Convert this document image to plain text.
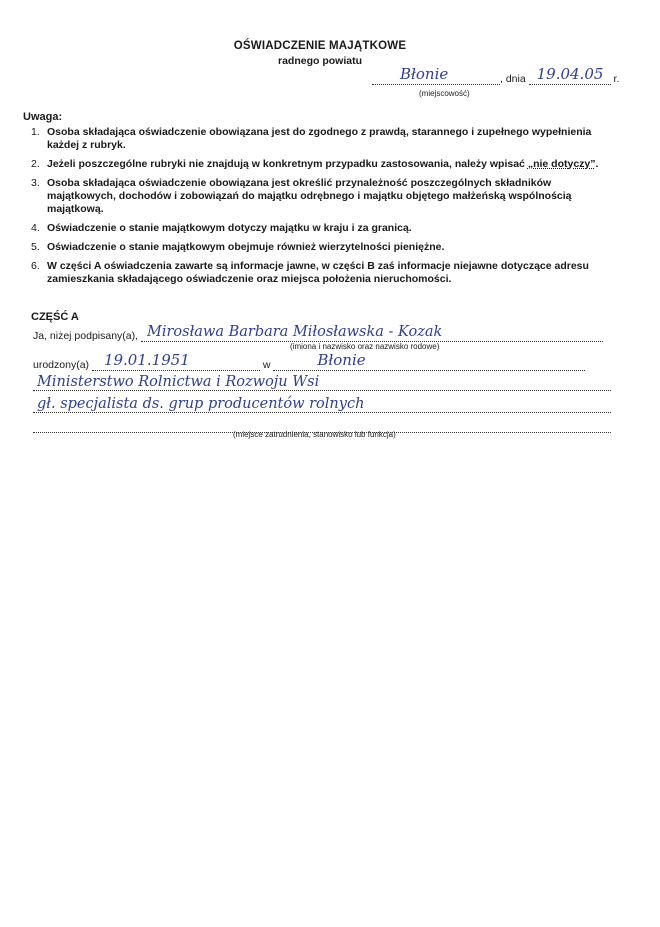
OŚWIADCZENIE MAJĄTKOWE
radnego powiatu
Błonie	, dnia 19.04.05 r.
(miejscowość)
Uwaga:
1. Osoba składająca oświadczenie obowiązana jest do zgodnego z prawdą, starannego i zupełnego wypełnienia każdej z rubryk.
2. Jeżeli poszczególne rubryki nie znajdują w konkretnym przypadku zastosowania, należy wpisać „nie dotyczy”.
3. Osoba składająca oświadczenie obowiązana jest określić przynależność poszczególnych składników majątkowych, dochodów i zobowiązań do majątku odrębnego i majątku objętego małżeńską wspólnością majątkową.
4. Oświadczenie o stanie majątkowym dotyczy majątku w kraju i za granicą.
5. Oświadczenie o stanie majątkowym obejmuje również wierzytelności pieniężne.
6. W części A oświadczenia zawarte są informacje jawne, w części B zaś informacje niejawne dotyczące adresu zamieszkania składającego oświadczenie oraz miejsca położenia nieruchomości.
CZĘŚĆ A
Ja, niżej podpisany(a), Mirosława Barbara Miłosławska - Kozak
(imiona i nazwisko oraz nazwisko rodowe)
urodzony(a) 19.01.1951	w	Błonie
Ministerstwo Rolnictwa i Rozwoju Wsi
gł. specjalista ds. grup producentów rolnych
(miejsce zatrudnienia, stanowisko lub funkcja)
